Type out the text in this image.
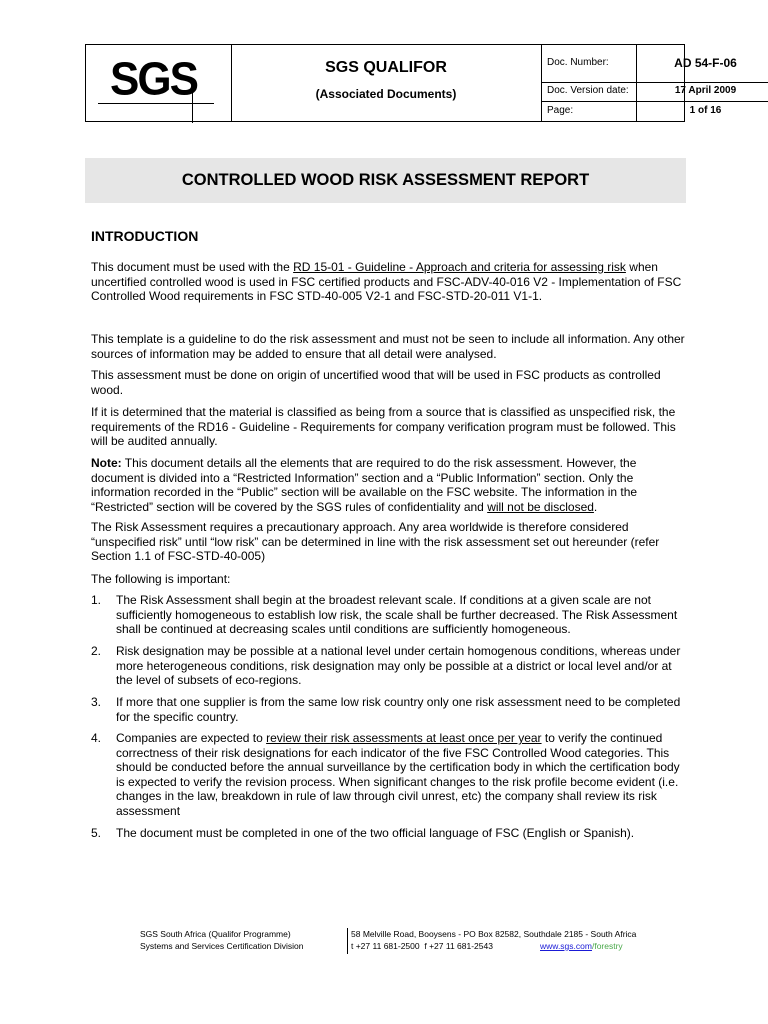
SGS	SGS QUALIFOR
(Associated Documents)
Doc. Number:	AD 54-F-06
Doc. Version date:	17 April 2009
Page:	1 of 16
CONTROLLED WOOD RISK ASSESSMENT REPORT
INTRODUCTION

This document must be used with the RD 15-01 - Guideline - Approach and criteria for assessing risk when uncertified controlled wood is used in FSC certified products and FSC-ADV-40-016 V2 - Implementation of FSC Controlled Wood requirements in FSC STD-40-005 V2-1 and FSC-STD-20-011 V1-1.

This template is a guideline to do the risk assessment and must not be seen to include all information. Any other sources of information may be added to ensure that all detail were analysed.

This assessment must be done on origin of uncertified wood that will be used in FSC products as controlled wood.

If it is determined that the material is classified as being from a source that is classified as unspecified risk, the requirements of the RD16 - Guideline - Requirements for company verification program must be followed. This will be audited annually.

Note: This document details all the elements that are required to do the risk assessment. However, the document is divided into a “Restricted Information” section and a “Public Information” section. Only the information recorded in the “Public” section will be available on the FSC website. The information in the “Restricted” section will be covered by the SGS rules of confidentiality and will not be disclosed.

The Risk Assessment requires a precautionary approach. Any area worldwide is therefore considered “unspecified risk” until “low risk” can be determined in line with the risk assessment set out hereunder (refer Section 1.1 of FSC-STD-40-005)

The following is important:

1.	The Risk Assessment shall begin at the broadest relevant scale. If conditions at a given scale are not sufficiently homogeneous to establish low risk, the scale shall be further decreased. The Risk Assessment shall be continued at decreasing scales until conditions are sufficiently homogeneous.
2.	Risk designation may be possible at a national level under certain homogenous conditions, whereas under more heterogeneous conditions, risk designation may only be possible at a district or local level and/or at the level of subsets of eco-regions.
3.	If more that one supplier is from the same low risk country only one risk assessment need to be completed for the specific country.
4.	Companies are expected to review their risk assessments at least once per year to verify the continued correctness of their risk designations for each indicator of the five FSC Controlled Wood categories. This should be conducted before the annual surveillance by the certification body in which the certification body is expected to verify the revision process. When significant changes to the risk profile become evident (i.e. changes in the law, breakdown in rule of law through civil unrest, etc) the company shall review its risk assessment
5.	The document must be completed in one of the two official language of FSC (English or Spanish).
SGS South Africa (Qualifor Programme)
Systems and Services Certification Division
58 Melville Road, Booysens - PO Box 82582, Southdale 2185 - South Africa
t +27 11 681-2500 f +27 11 681-2543	www.sgs.com/forestry
